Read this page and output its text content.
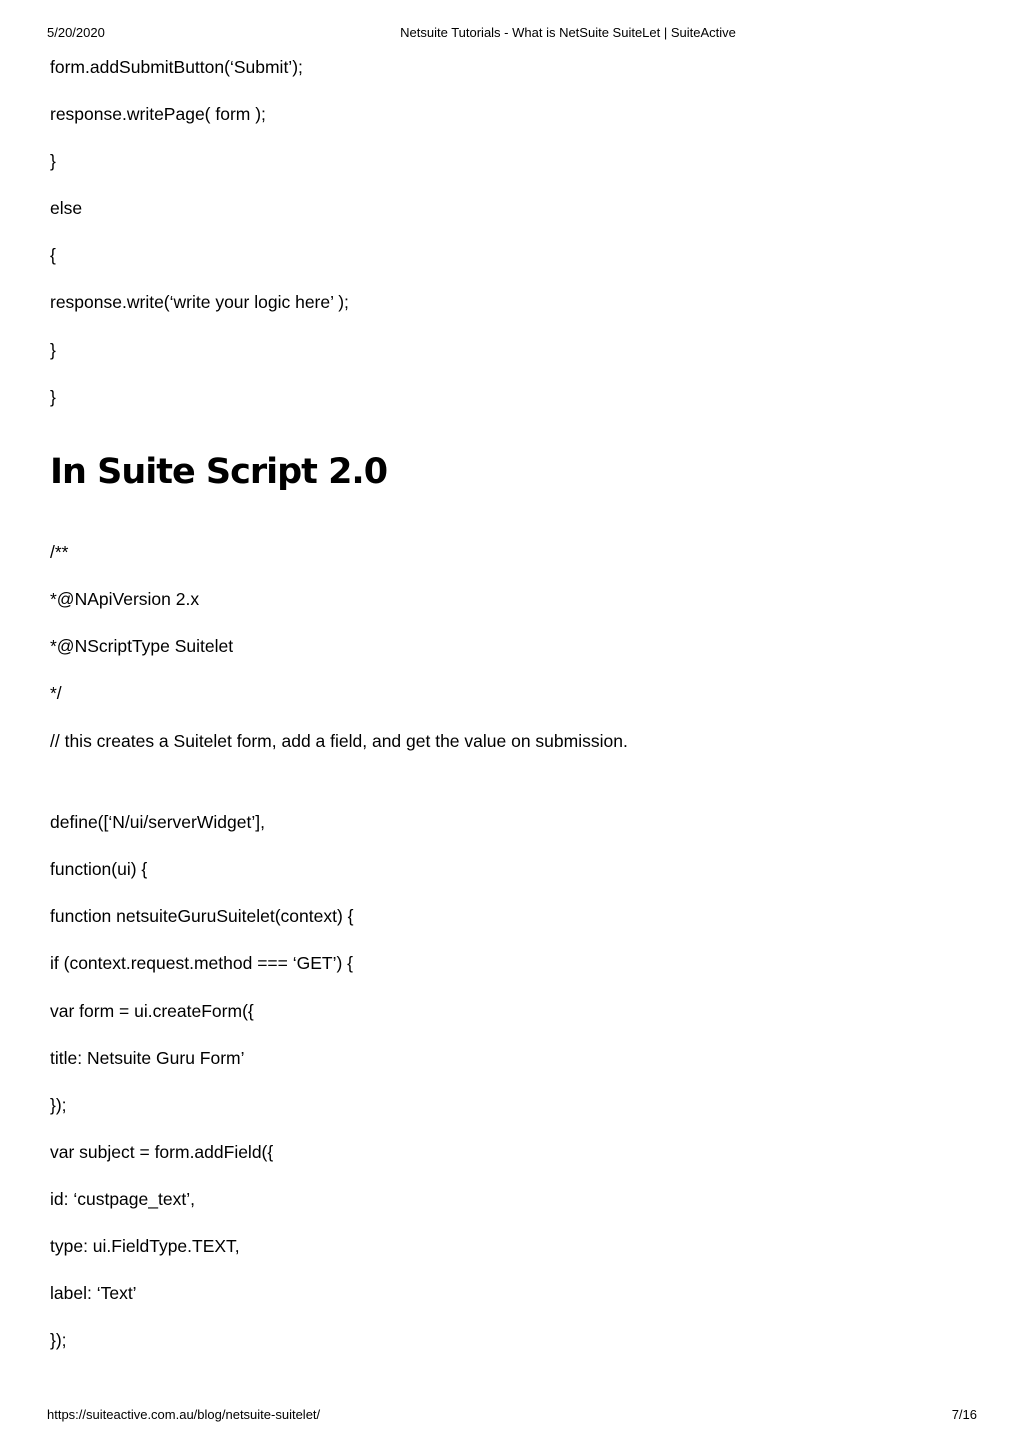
5/20/2020	Netsuite Tutorials - What is NetSuite SuiteLet | SuiteActive
form.addSubmitButton(‘Submit’);
response.writePage( form );
}
else
{
response.write(‘write your logic here’ );
}
}
In Suite Script 2.0
/**
*@NApiVersion 2.x
*@NScriptType Suitelet
*/
// this creates a Suitelet form, add a field, and get the value on submission.
define([‘N/ui/serverWidget’],
function(ui) {
function netsuiteGuruSuitelet(context) {
if (context.request.method === ‘GET’) {
var form = ui.createForm({
title: Netsuite Guru Form’
});
var subject = form.addField({
id: ‘custpage_text’,
type: ui.FieldType.TEXT,
label: ‘Text’
});
https://suiteactive.com.au/blog/netsuite-suitelet/	7/16
